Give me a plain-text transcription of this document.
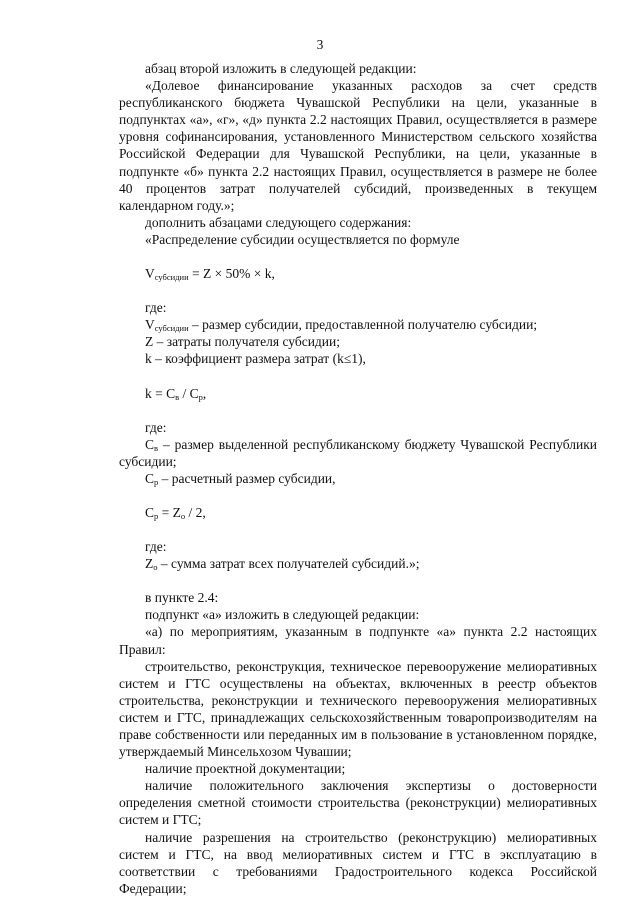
3

абзац второй изложить в следующей редакции:

«Долевое финансирование указанных расходов за счет средств республиканского бюджета Чувашской Республики на цели, указанные в подпунктах «а», «г», «д» пункта 2.2 настоящих Правил, осуществляется в размере уровня софинансирования, установленного Министерством сельского хозяйства Российской Федерации для Чувашской Республики, на цели, указанные в подпункте «б» пункта 2.2 настоящих Правил, осуществляется в размере не более 40 процентов затрат получателей субсидий, произведенных в текущем календарном году.»;

дополнить абзацами следующего содержания:

«Распределение субсидии осуществляется по формуле

$V_{субсидии} = Z \times 50\% \times k$,

где:

$V_{субсидии}$ – размер субсидии, предоставленной получателю субсидии;

Z – затраты получателя субсидии;

k – коэффициент размера затрат (k≤1),

$k = C_в / C_р$,

где:

$C_в$ – размер выделенной республиканскому бюджету Чувашской Республики субсидии;

$C_р$ – расчетный размер субсидии,

$C_р = Z_о / 2$,

где:

$Z_о$ – сумма затрат всех получателей субсидий.»;

в пункте 2.4:

подпункт «а» изложить в следующей редакции:

«а) по мероприятиям, указанным в подпункте «а» пункта 2.2 настоящих Правил:

строительство, реконструкция, техническое перевооружение мелиоративных систем и ГТС осуществлены на объектах, включенных в реестр объектов строительства, реконструкции и технического перевооружения мелиоративных систем и ГТС, принадлежащих сельскохозяйственным товаропроизводителям на праве собственности или переданных им в пользование в установленном порядке, утверждаемый Минсельхозом Чувашии;

наличие проектной документации;

наличие положительного заключения экспертизы о достоверности определения сметной стоимости строительства (реконструкции) мелиоративных систем и ГТС;

наличие разрешения на строительство (реконструкцию) мелиоративных систем и ГТС, на ввод мелиоративных систем и ГТС в эксплуатацию в соответствии с требованиями Градостроительного кодекса Российской Федерации;
